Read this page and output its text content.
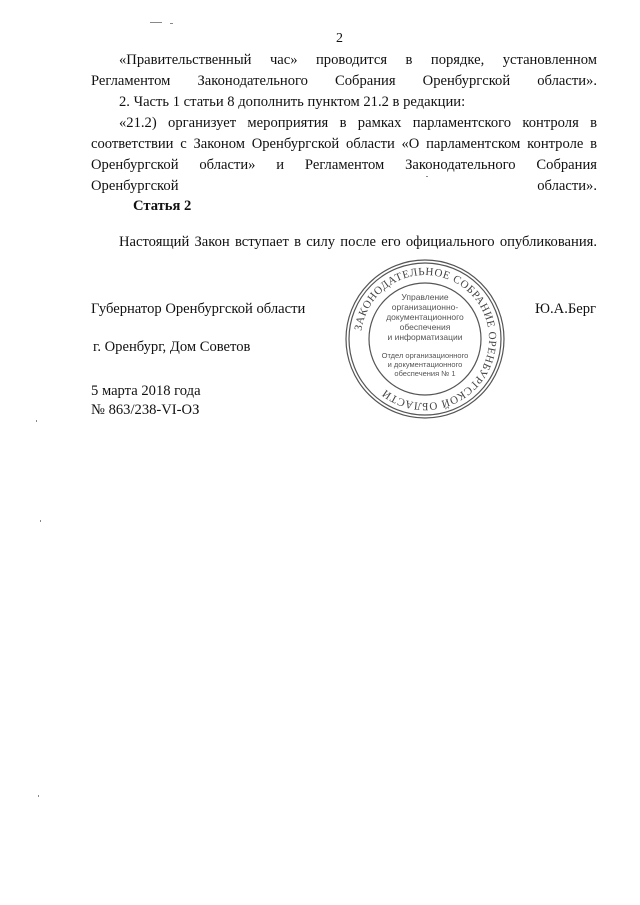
2

«Правительственный час» проводится в порядке, установленном Регламентом Законодательного Собрания Оренбургской области».

2. Часть 1 статьи 8 дополнить пунктом 21.2 в редакции:

«21.2) организует мероприятия в рамках парламентского контроля в соответствии с Законом Оренбургской области «О парламентском контроле в Оренбургской области» и Регламентом Законодательного Собрания Оренбургской области».

Статья 2

Настоящий Закон вступает в силу после его официального опубликования.

Губернатор Оренбургской области	Ю.А.Берг
г. Оренбург, Дом Советов
5 марта 2018 года
№ 863/238-VI-ОЗ
ЗАКОНОДАТЕЛЬНОЕ СОБРАНИЕ ОРЕНБУРГСКОЙ ОБЛАСТИ
Управление
организационно-
документационного
обеспечения
и информатизации
Отдел организационного
и документационного
обеспечения № 1
